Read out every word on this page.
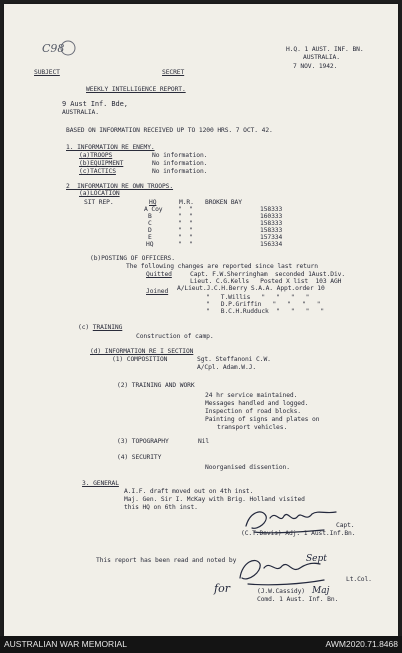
C98	H.Q. 1 AUST. INF. BN.
AUSTRALIA.
7 NOV. 1942.
SUBJECT	SECRET
WEEKLY INTELLIGENCE REPORT.
9 Aust Inf. Bde,
AUSTRALIA.
BASED ON INFORMATION RECEIVED UP TO 1200 HRS. 7 OCT. 42.
1. INFORMATION RE ENEMY.
(a)TROOPS	No information.
(b)EQUIPMENT	No information.
(c)TACTICS	No information.
2  INFORMATION RE OWN TROOPS.
(a)LOCATION
SIT REP.	HQ	M.R. BROKEN BAY
A Coy "  "	158333
B	"  "	160333
C	"  "	158333
D	"  "	158333
E	"  "	157334
HQ	"  "	156334
(b)POSTING OF OFFICERS.
The following changes are reported since last return
Quitted	Capt. F.W.Sherringham  seconded 1Aust.Div.
Lieut. C.G.Kells   Posted X list  103 AGH
A/Lieut.J.C.H.Berry S.A.A. Appt.order 10
Joined
"   T.Willis   "   "   "   "
"   D.P.Griffin   "   "   "   "
"   B.C.H.Rudduck  "   "   "   "
(c) TRAINING
Construction of camp.
(d) INFORMATION RE I SECTION
(1) COMPOSITION	Sgt. Steffanoni C.W.
A/Cpl. Adam.W.J.
(2) TRAINING AND WORK
24 hr service maintained.
Messages handled and logged.
Inspection of road blocks.
Painting of signs and plates on
transport vehicles.
(3) TOPOGRAPHY	Nil
(4) SECURITY
Noorganised dissention.
3. GENERAL
A.I.F. draft moved out on 4th inst.
Maj. Gen. Sir I. McKay with Brig. Holland visited
this HQ on 6th inst.
Capt.
(C.T.Davis) Adj. 1 Aust.Inf.Bn.
This report has been read and noted by	Sept
Lt.Col.
for	(J.W.Cassidy) Maj
Comd. 1 Aust. Inf. Bn.
AUSTRALIAN WAR MEMORIAL	AWM2020.71.8468
